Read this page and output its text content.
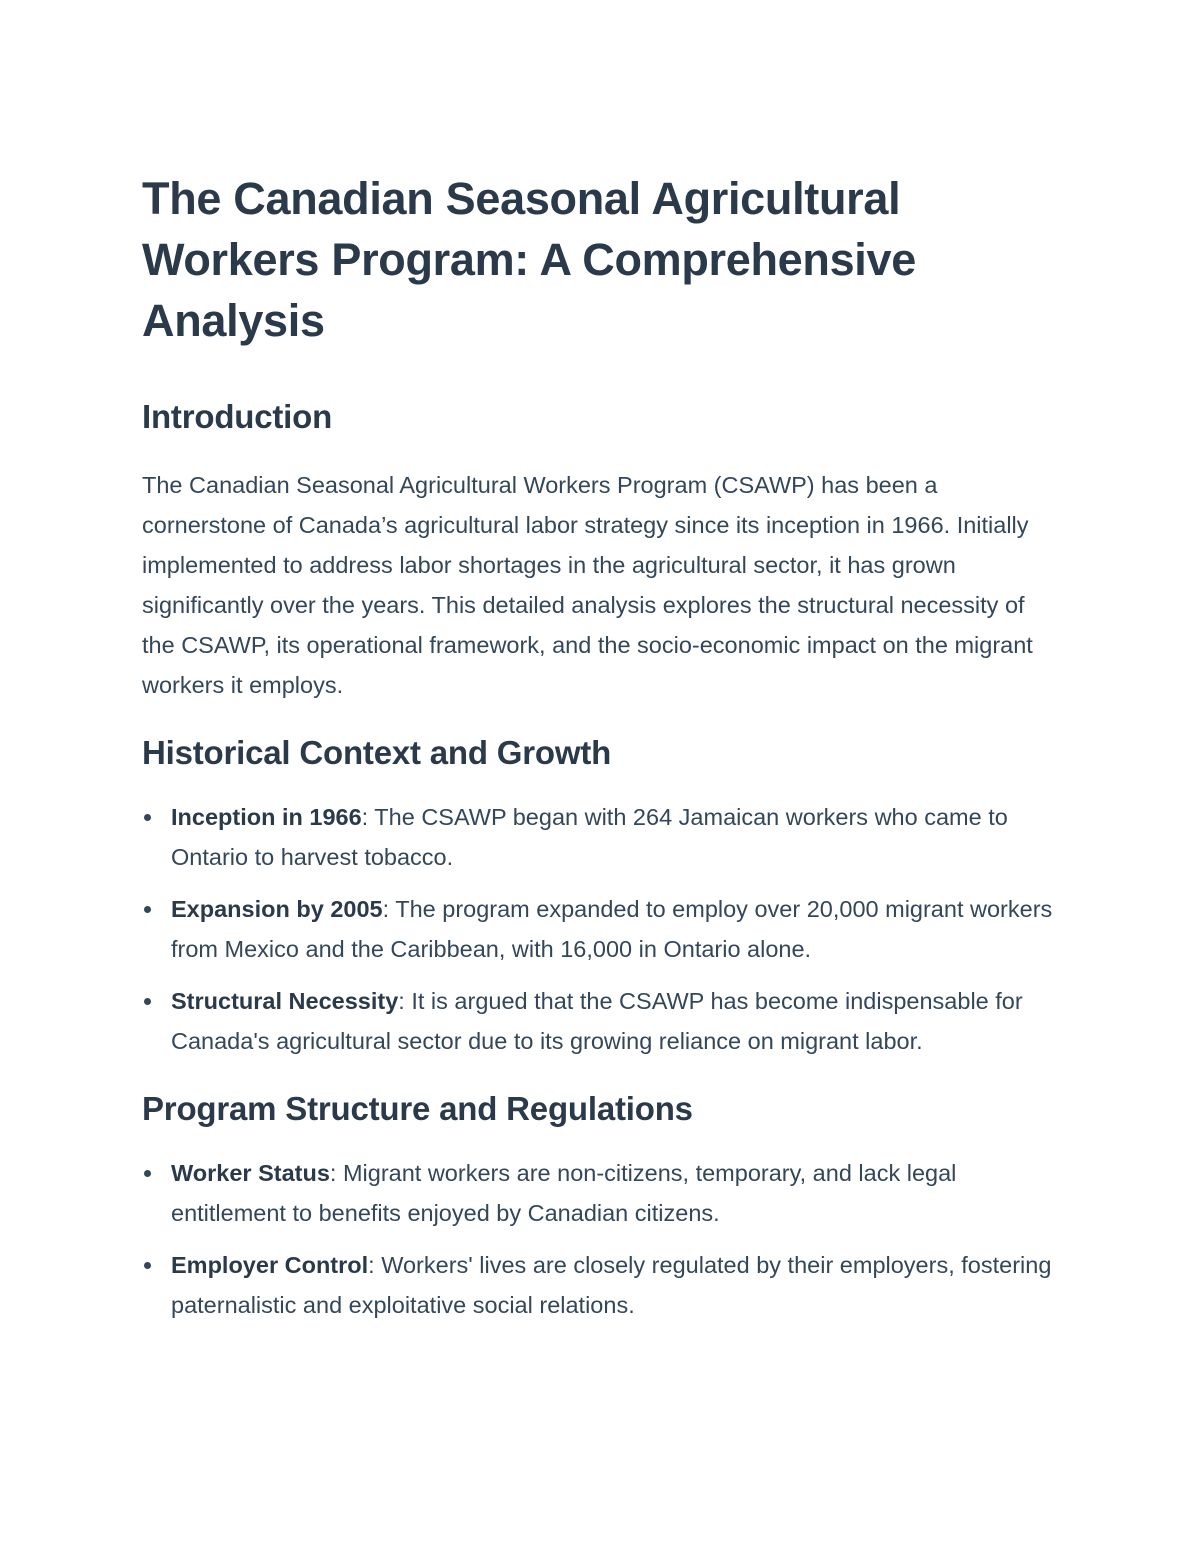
The Canadian Seasonal Agricultural Workers Program: A Comprehensive Analysis
Introduction

The Canadian Seasonal Agricultural Workers Program (CSAWP) has been a cornerstone of Canada’s agricultural labor strategy since its inception in 1966. Initially implemented to address labor shortages in the agricultural sector, it has grown significantly over the years. This detailed analysis explores the structural necessity of the CSAWP, its operational framework, and the socio-economic impact on the migrant workers it employs.

Historical Context and Growth
Inception in 1966: The CSAWP began with 264 Jamaican workers who came to Ontario to harvest tobacco.
Expansion by 2005: The program expanded to employ over 20,000 migrant workers from Mexico and the Caribbean, with 16,000 in Ontario alone.
Structural Necessity: It is argued that the CSAWP has become indispensable for Canada's agricultural sector due to its growing reliance on migrant labor.
Program Structure and Regulations
Worker Status: Migrant workers are non-citizens, temporary, and lack legal entitlement to benefits enjoyed by Canadian citizens.
Employer Control: Workers' lives are closely regulated by their employers, fostering paternalistic and exploitative social relations.
